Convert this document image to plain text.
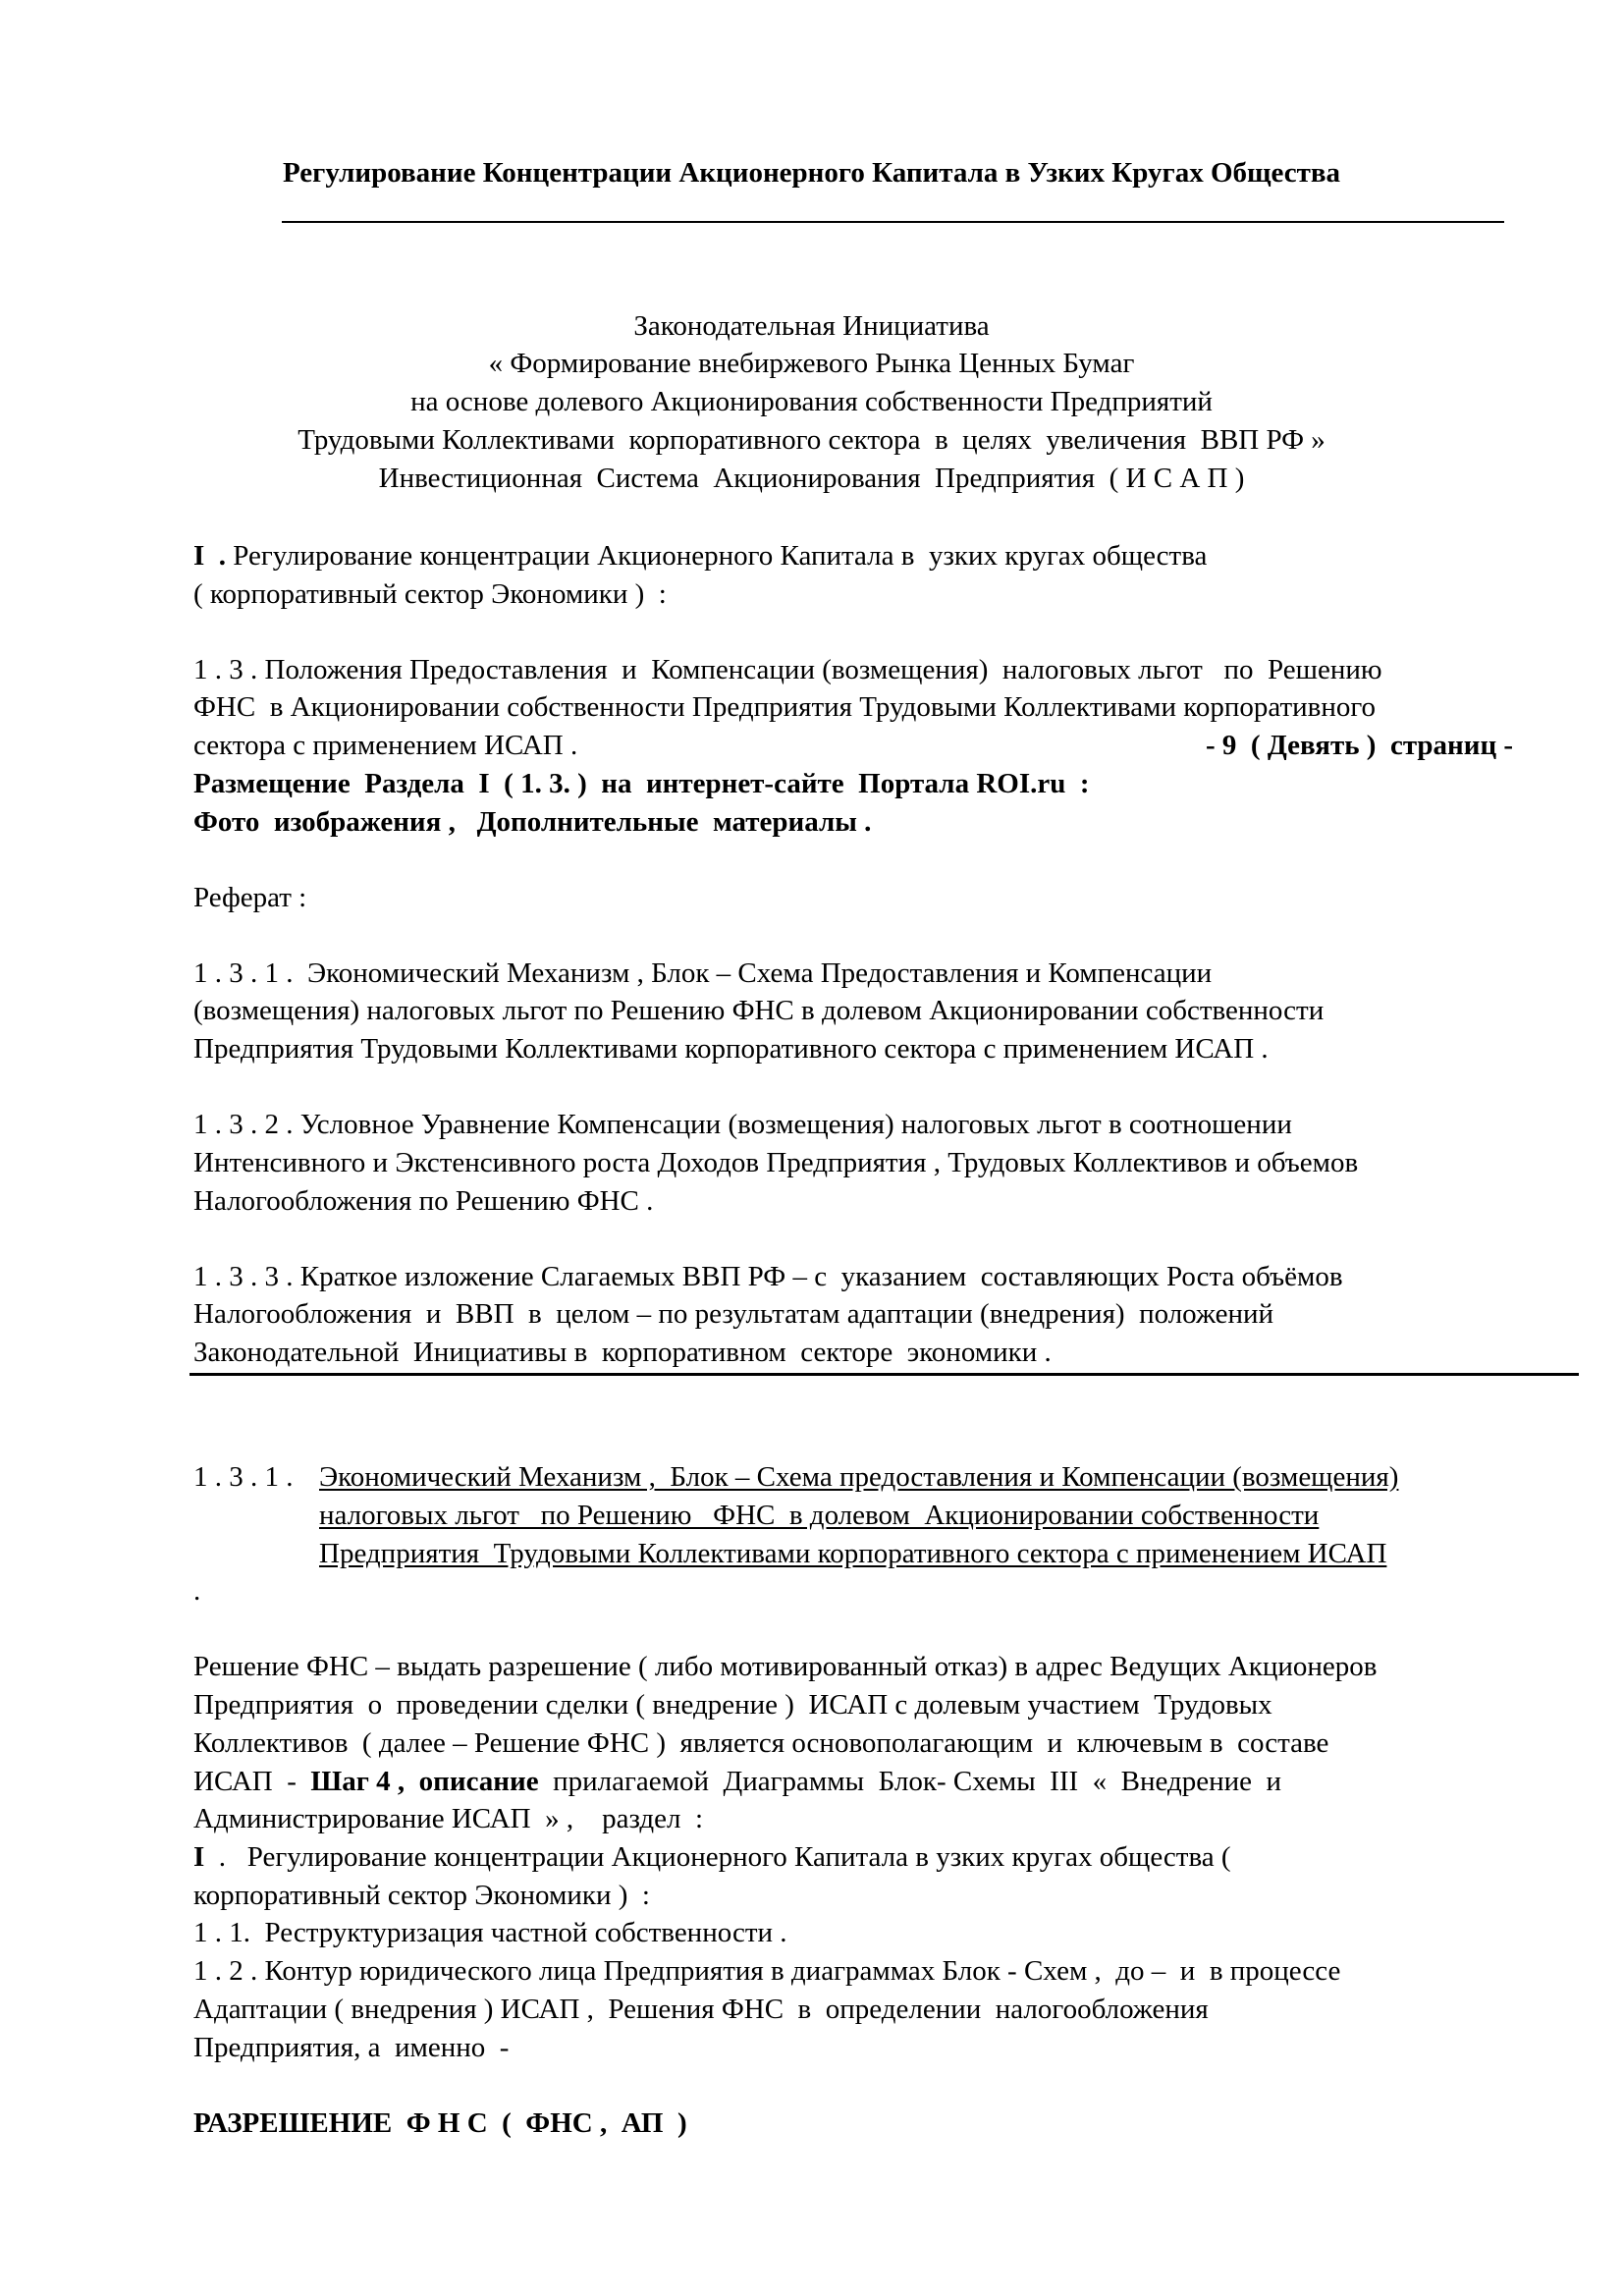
Регулирование Концентрации Акционерного Капитала в Узких Кругах Общества
Законодательная Инициатива
« Формирование внебиржевого Рынка Ценных Бумаг
на основе долевого Акционирования собственности Предприятий
Трудовыми Коллективами  корпоративного сектора  в  целях  увеличения  ВВП РФ »
Инвестиционная  Система  Акционирования  Предприятия  ( И С А П )
I  . Регулирование концентрации Акционерного Капитала в  узких кругах общества
( корпоративный сектор Экономики )  :
1 . 3 . Положения Предоставления  и  Компенсации (возмещения)  налоговых льгот   по  Решению
ФНС  в Акционировании собственности Предприятия Трудовыми Коллективами корпоративного
сектора с применением ИСАП .	- 9  ( Девять )  страниц -
Размещение  Раздела  I  ( 1. 3. )  на  интернет-сайте  Портала ROI.ru  :
Фото  изображения ,   Дополнительные  материалы .
Реферат :
1 . 3 . 1 .  Экономический Механизм , Блок – Схема Предоставления и Компенсации
(возмещения) налоговых льгот по Решению ФНС в долевом Акционировании собственности
Предприятия Трудовыми Коллективами корпоративного сектора с применением ИСАП .
1 . 3 . 2 . Условное Уравнение Компенсации (возмещения) налоговых льгот в соотношении
Интенсивного и Экстенсивного роста Доходов Предприятия , Трудовых Коллективов и объемов
Налогообложения по Решению ФНС .
1 . 3 . 3 . Краткое изложение Слагаемых ВВП РФ – с  указанием  составляющих Роста объёмов
Налогообложения  и  ВВП  в  целом – по результатам адаптации (внедрения)  положений
Законодательной  Инициативы в  корпоративном  секторе  экономики .
1 . 3 . 1 . Экономический Механизм ,  Блок – Схема предоставления и Компенсации (возмещения)
налоговых льгот   по Решению   ФНС  в долевом  Акционировании собственности
Предприятия  Трудовыми Коллективами корпоративного сектора с применением ИСАП
.
Решение ФНС – выдать разрешение ( либо мотивированный отказ) в адрес Ведущих Акционеров
Предприятия  о  проведении сделки ( внедрение )  ИСАП с долевым участием  Трудовых
Коллективов  ( далее – Решение ФНС )  является основополагающим  и  ключевым в  составе
ИСАП  -  Шаг 4 ,  описание  прилагаемой  Диаграммы  Блок- Схемы  III  «  Внедрение  и
Администрирование ИСАП  » ,    раздел  :
I  .   Регулирование концентрации Акционерного Капитала в узких кругах общества (
корпоративный сектор Экономики )  :
1 . 1.  Реструктуризация частной собственности .
1 . 2 . Контур юридического лица Предприятия в диаграммах Блок - Схем ,  до –  и  в процессе
Адаптации ( внедрения ) ИСАП ,  Решения ФНС  в  определении  налогообложения
Предприятия, а  именно  -
РАЗРЕШЕНИЕ  Ф Н С  (  ФНС ,  АП  )
